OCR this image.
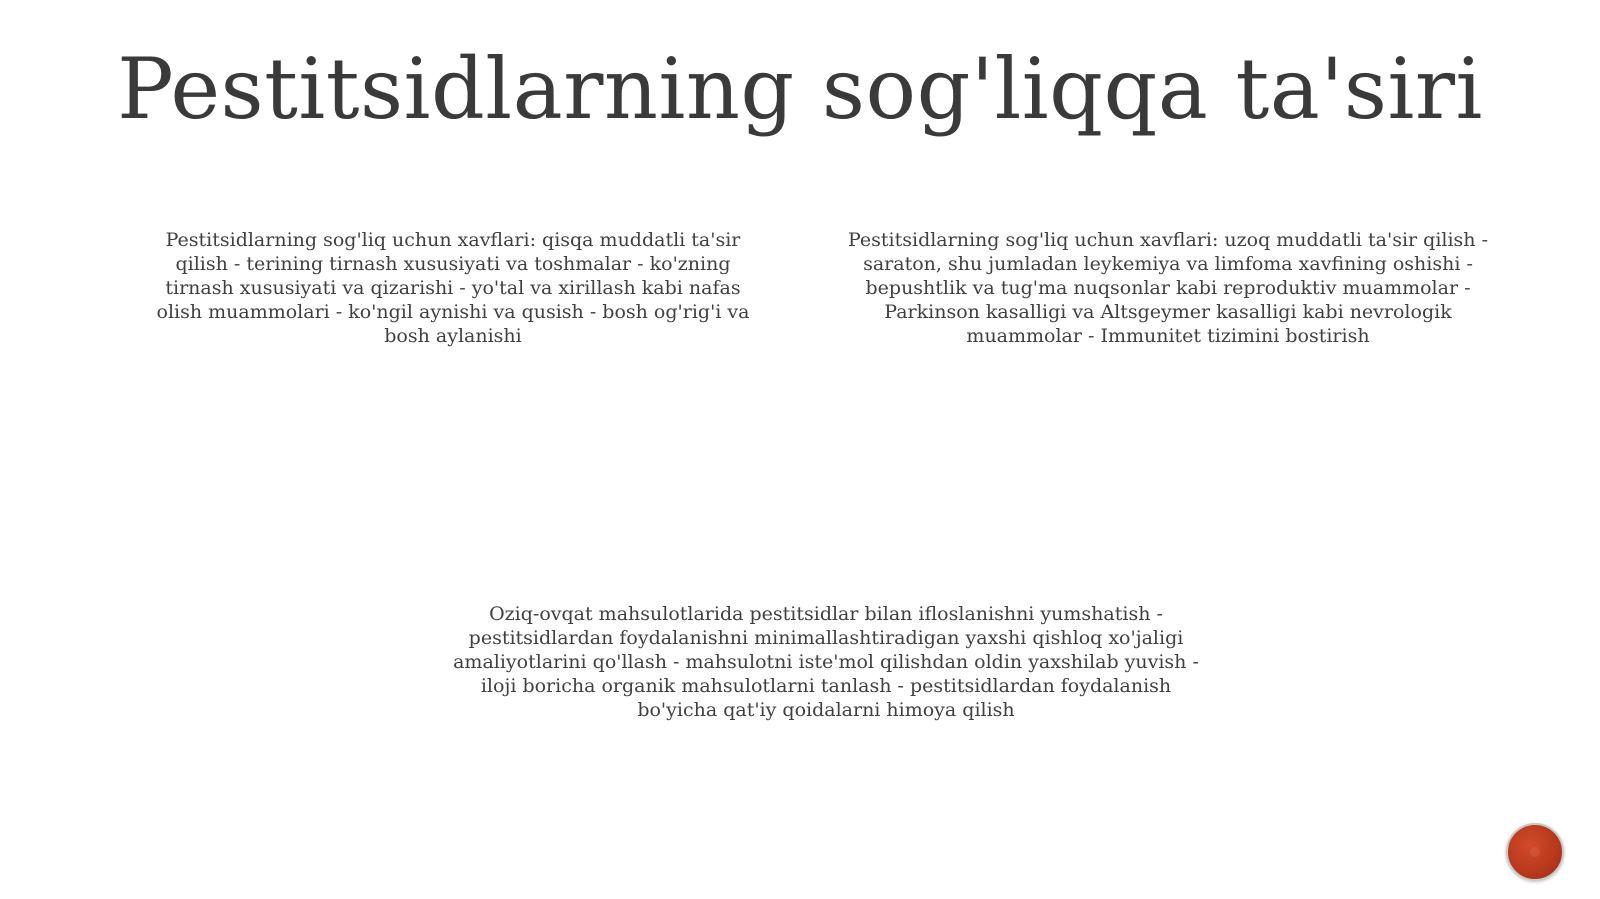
Pestitsidlarning sog'liqqa ta'siri

Pestitsidlarning sog'liq uchun xavflari: qisqa muddatli ta'sir qilish - terining tirnash xususiyati va toshmalar - ko'zning tirnash xususiyati va qizarishi - yo'tal va xirillash kabi nafas olish muammolari - ko'ngil aynishi va qusish - bosh og'rig'i va bosh aylanishi

Pestitsidlarning sog'liq uchun xavflari: uzoq muddatli ta'sir qilish - saraton, shu jumladan leykemiya va limfoma xavfining oshishi - bepushtlik va tug'ma nuqsonlar kabi reproduktiv muammolar - Parkinson kasalligi va Altsgeymer kasalligi kabi nevrologik muammolar - Immunitet tizimini bostirish

Oziq-ovqat mahsulotlarida pestitsidlar bilan ifloslanishni yumshatish - pestitsidlardan foydalanishni minimallashtiradigan yaxshi qishloq xo'jaligi amaliyotlarini qo'llash - mahsulotni iste'mol qilishdan oldin yaxshilab yuvish - iloji boricha organik mahsulotlarni tanlash - pestitsidlardan foydalanish bo'yicha qat'iy qoidalarni himoya qilish
